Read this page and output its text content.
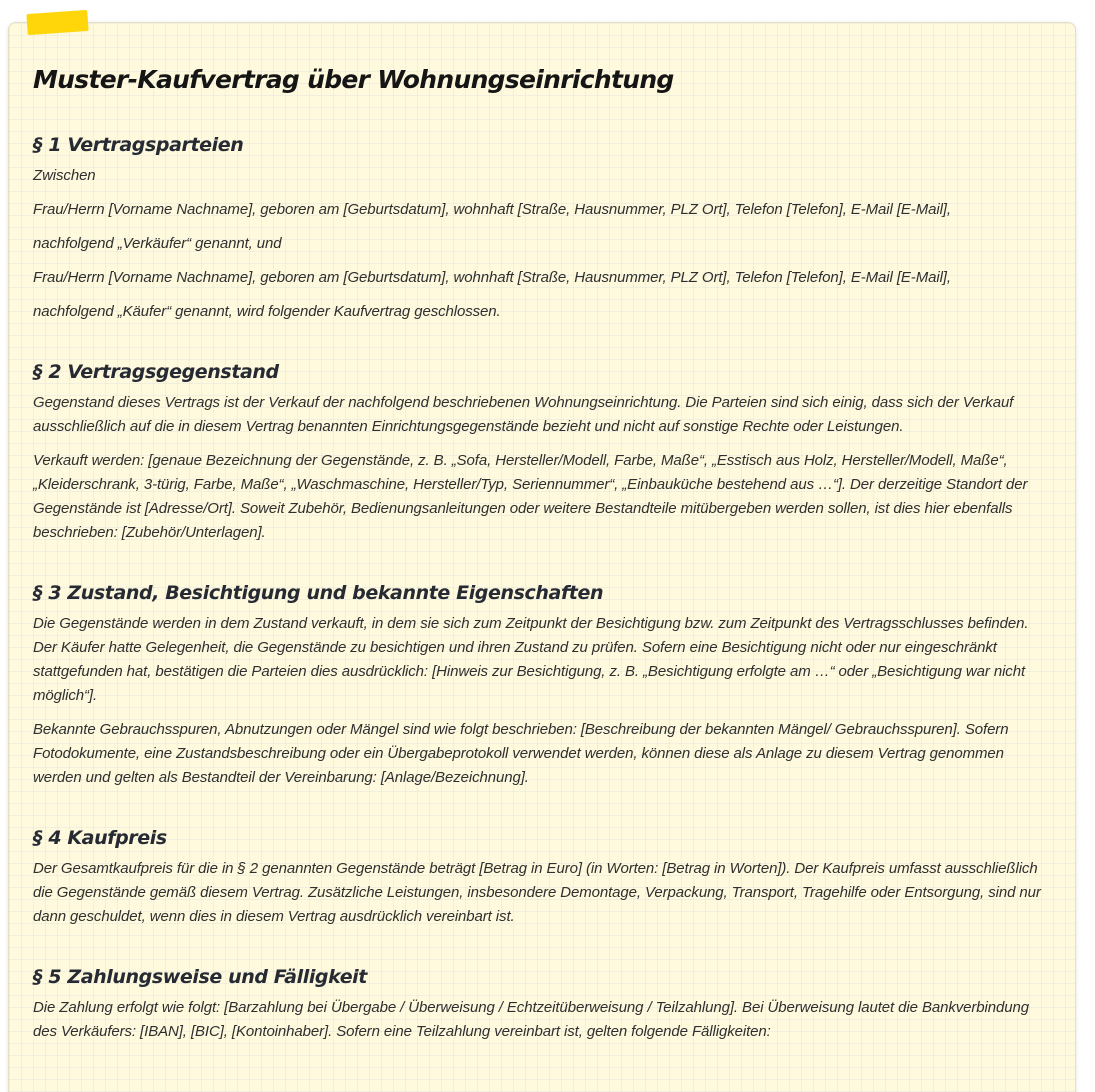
Muster-Kaufvertrag über Wohnungseinrichtung
§ 1 Vertragsparteien

Zwischen

Frau/Herrn [Vorname Nachname], geboren am [Geburtsdatum], wohnhaft [Straße, Hausnummer, PLZ Ort], Telefon [Telefon], E-Mail [E-Mail],

nachfolgend „Verkäufer“ genannt, und

Frau/Herrn [Vorname Nachname], geboren am [Geburtsdatum], wohnhaft [Straße, Hausnummer, PLZ Ort], Telefon [Telefon], E-Mail [E-Mail],

nachfolgend „Käufer“ genannt, wird folgender Kaufvertrag geschlossen.

§ 2 Vertragsgegenstand

Gegenstand dieses Vertrags ist der Verkauf der nachfolgend beschriebenen Wohnungseinrichtung. Die Parteien sind sich einig, dass sich der Verkauf ausschließlich auf die in diesem Vertrag benannten Einrichtungsgegenstände bezieht und nicht auf sonstige Rechte oder Leistungen.

Verkauft werden: [genaue Bezeichnung der Gegenstände, z. B. „Sofa, Hersteller/Modell, Farbe, Maße“, „Esstisch aus Holz, Hersteller/Modell, Maße“, „Kleiderschrank, 3-türig, Farbe, Maße“, „Waschmaschine, Hersteller/Typ, Seriennummer“, „Einbauküche bestehend aus …“]. Der derzeitige Standort der Gegenstände ist [Adresse/Ort]. Soweit Zubehör, Bedienungsanleitungen oder weitere Bestandteile mitübergeben werden sollen, ist dies hier ebenfalls beschrieben: [Zubehör/Unterlagen].

§ 3 Zustand, Besichtigung und bekannte Eigenschaften

Die Gegenstände werden in dem Zustand verkauft, in dem sie sich zum Zeitpunkt der Besichtigung bzw. zum Zeitpunkt des Vertragsschlusses befinden. Der Käufer hatte Gelegenheit, die Gegenstände zu besichtigen und ihren Zustand zu prüfen. Sofern eine Besichtigung nicht oder nur eingeschränkt stattgefunden hat, bestätigen die Parteien dies ausdrücklich: [Hinweis zur Besichtigung, z. B. „Besichtigung erfolgte am …“ oder „Besichtigung war nicht möglich“].

Bekannte Gebrauchsspuren, Abnutzungen oder Mängel sind wie folgt beschrieben: [Beschreibung der bekannten Mängel/ Gebrauchsspuren]. Sofern Fotodokumente, eine Zustandsbeschreibung oder ein Übergabeprotokoll verwendet werden, können diese als Anlage zu diesem Vertrag genommen werden und gelten als Bestandteil der Vereinbarung: [Anlage/Bezeichnung].

§ 4 Kaufpreis

Der Gesamtkaufpreis für die in § 2 genannten Gegenstände beträgt [Betrag in Euro] (in Worten: [Betrag in Worten]). Der Kaufpreis umfasst ausschließlich die Gegenstände gemäß diesem Vertrag. Zusätzliche Leistungen, insbesondere Demontage, Verpackung, Transport, Tragehilfe oder Entsorgung, sind nur dann geschuldet, wenn dies in diesem Vertrag ausdrücklich vereinbart ist.

§ 5 Zahlungsweise und Fälligkeit

Die Zahlung erfolgt wie folgt: [Barzahlung bei Übergabe / Überweisung / Echtzeitüberweisung / Teilzahlung]. Bei Überweisung lautet die Bankverbindung des Verkäufers: [IBAN], [BIC], [Kontoinhaber]. Sofern eine Teilzahlung vereinbart ist, gelten folgende Fälligkeiten:
